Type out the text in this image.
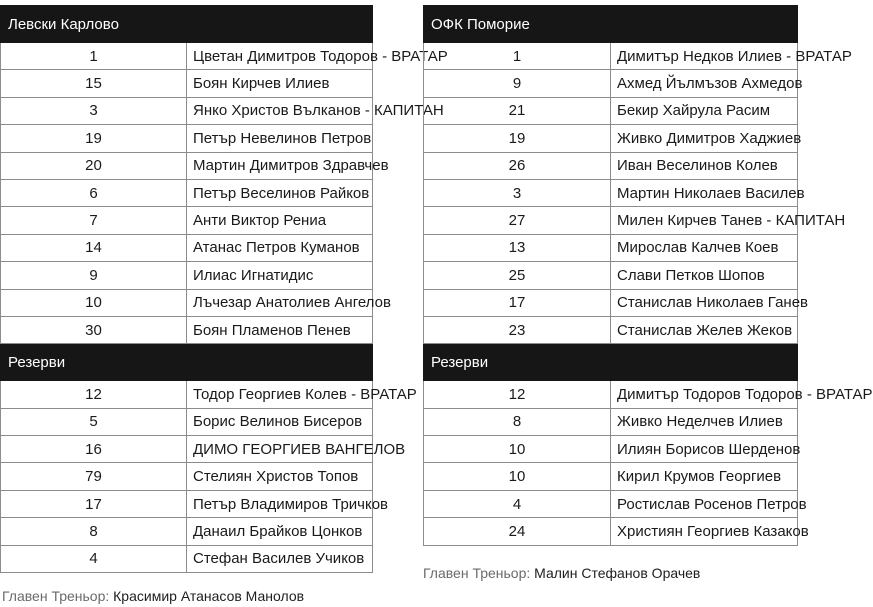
Левски Карлово	
1	Цветан Димитров Тодоров - ВРАТАР
15	Боян Кирчев Илиев
3	Янко Христов Вълканов - КАПИТАН
19	Петър Невелинов Петров
20	Мартин Димитров Здравчев
6	Петър Веселинов Райков
7	Анти Виктор Рениа
14	Атанас Петров Куманов
9	Илиас Игнатидис
10	Лъчезар Анатолиев Ангелов
30	Боян Пламенов Пенев
Резерви	
12	Тодор Георгиев Колев - ВРАТАР
5	Борис Велинов Бисеров
16	ДИМО ГЕОРГИЕВ ВАНГЕЛОВ
79	Стелиян Христов Топов
17	Петър Владимиров Тричков
8	Данаил Брайков Цонков
4	Стефан Василев Учиков
ОФК Поморие	
1	Димитър Недков Илиев - ВРАТАР
9	Ахмед Йълмъзов Ахмедов
21	Бекир Хайрула Расим
19	Живко Димитров Хаджиев
26	Иван Веселинов Колев
3	Мартин Николаев Василев
27	Милен Кирчев Танев - КАПИТАН
13	Мирослав Калчев Коев
25	Слави Петков Шопов
17	Станислав Николаев Ганев
23	Станислав Желев Жеков
Резерви	
12	Димитър Тодоров Тодоров - ВРАТАР
8	Живко Неделчев Илиев
10	Илиян Борисов Шерденов
10	Кирил Крумов Георгиев
4	Ростислав Росенов Петров
24	Християн Георгиев Казаков
Главен Треньор: Красимир Атанасов Манолов
Главен Треньор: Малин Стефанов Орачев
